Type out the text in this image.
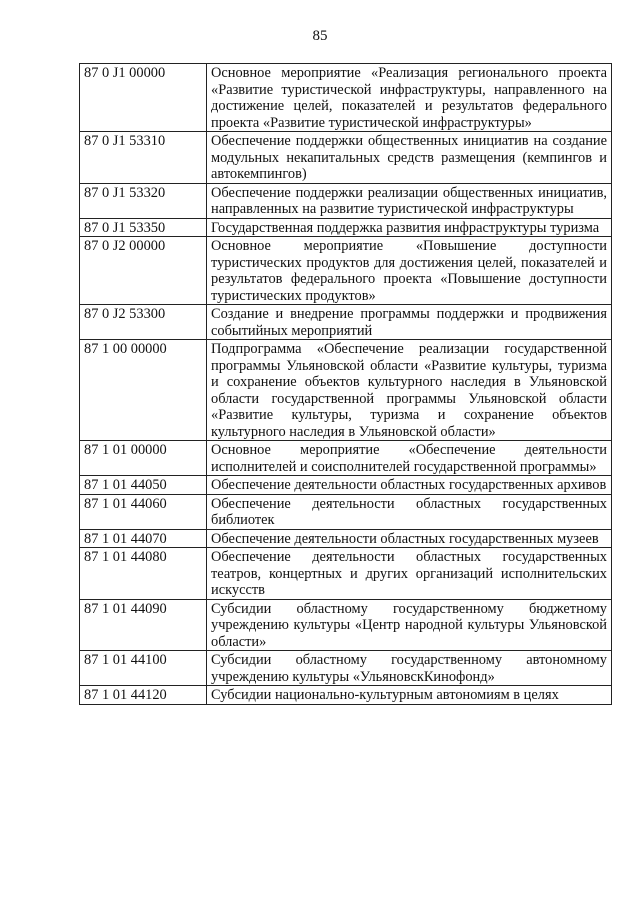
85
87 0 J1 00000	Основное мероприятие «Реализация регионального проекта «Развитие туристической инфраструктуры, направленного на достижение целей, показателей и результатов федерального проекта «Развитие туристической инфраструктуры»
87 0 J1 53310	Обеспечение поддержки общественных инициатив на создание модульных некапитальных средств размещения (кемпингов и автокемпингов)
87 0 J1 53320	Обеспечение поддержки реализации общественных инициатив, направленных на развитие туристической инфраструктуры
87 0 J1 53350	Государственная поддержка развития инфраструктуры туризма
87 0 J2 00000	Основное мероприятие «Повышение доступности туристических продуктов для достижения целей, показателей и результатов федерального проекта «Повышение доступности туристических продуктов»
87 0 J2 53300	Создание и внедрение программы поддержки и продвижения событийных мероприятий
87 1 00 00000	Подпрограмма «Обеспечение реализации государственной программы Ульяновской области «Развитие культуры, туризма и сохранение объектов культурного наследия в Ульяновской области государственной программы Ульяновской области «Развитие культуры, туризма и сохранение объектов культурного наследия в Ульяновской области»
87 1 01 00000	Основное мероприятие «Обеспечение деятельности исполнителей и соисполнителей государственной программы»
87 1 01 44050	Обеспечение деятельности областных государственных архивов
87 1 01 44060	Обеспечение деятельности областных государственных библиотек
87 1 01 44070	Обеспечение деятельности областных государственных музеев
87 1 01 44080	Обеспечение деятельности областных государственных театров, концертных и других организаций исполнительских искусств
87 1 01 44090	Субсидии областному государственному бюджетному учреждению культуры «Центр народной культуры Ульяновской области»
87 1 01 44100	Субсидии областному государственному автономному учреждению культуры «УльяновскКинофонд»
87 1 01 44120	Субсидии национально-культурным автономиям в целях
